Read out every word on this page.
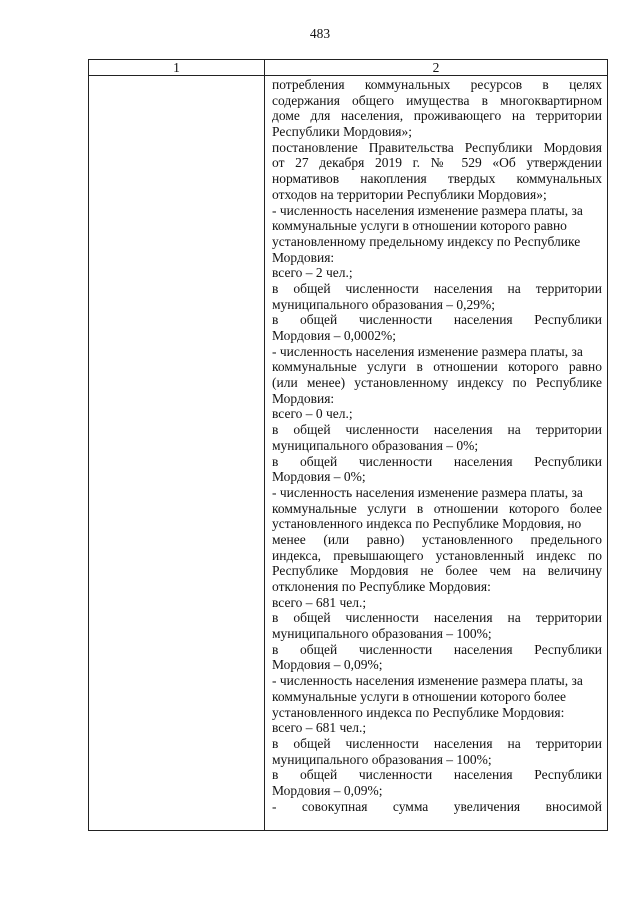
483
1	2
потребления коммунальных ресурсов в целях
содержания общего имущества в многоквартирном
доме для населения, проживающего на территории
Республики Мордовия»;
постановление Правительства Республики Мордовия
от 27 декабря 2019 г. № 529 «Об утверждении
нормативов накопления твердых коммунальных
отходов на территории Республики Мордовия»;
- численность населения изменение размера платы, за
коммунальные услуги в отношении которого равно
установленному предельному индексу по Республике
Мордовия:
всего – 2 чел.;
в общей численности населения на территории
муниципального образования – 0,29%;
в общей численности населения Республики
Мордовия – 0,0002%;
- численность населения изменение размера платы, за
коммунальные услуги в отношении которого равно
(или менее) установленному индексу по Республике
Мордовия:
всего – 0 чел.;
в общей численности населения на территории
муниципального образования – 0%;
в общей численности населения Республики
Мордовия – 0%;
- численность населения изменение размера платы, за
коммунальные услуги в отношении которого более
установленного индекса по Республике Мордовия, но
менее (или равно) установленного предельного
индекса, превышающего установленный индекс по
Республике Мордовия не более чем на величину
отклонения по Республике Мордовия:
всего – 681 чел.;
в общей численности населения на территории
муниципального образования – 100%;
в общей численности населения Республики
Мордовия – 0,09%;
- численность населения изменение размера платы, за
коммунальные услуги в отношении которого более
установленного индекса по Республике Мордовия:
всего – 681 чел.;
в общей численности населения на территории
муниципального образования – 100%;
в общей численности населения Республики
Мордовия – 0,09%;
- совокупная сумма увеличения вносимой
